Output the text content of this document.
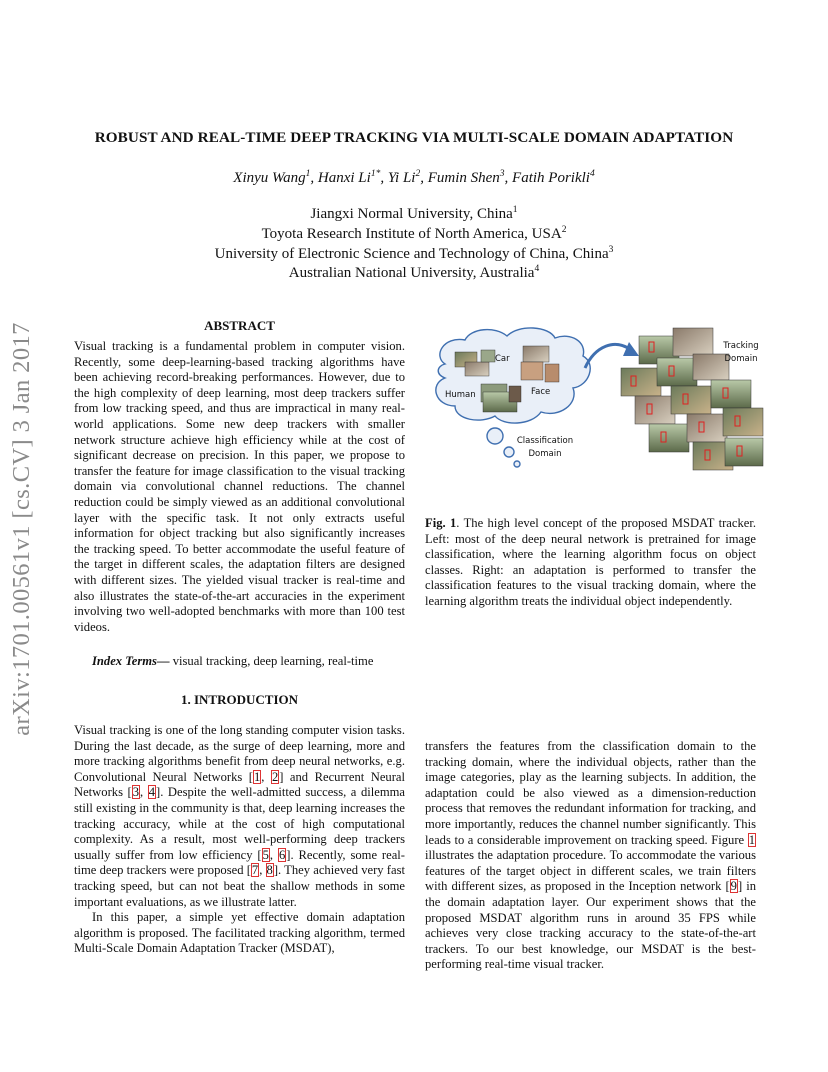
arXiv:1701.00561v1 [cs.CV] 3 Jan 2017
ROBUST AND REAL-TIME DEEP TRACKING VIA MULTI-SCALE DOMAIN ADAPTATION
Xinyu Wang$^1$, Hanxi $Li^{1*}$, Yi Li$^2$, Fumin Shen$^3$, Fatih Porikli$^4$
Jiangxi Normal University, China$^1$
Toyota Research Institute of North America, USA$^2$
University of Electronic Science and Technology of China, China$^3$
Australian National University, Australia$^4$
ABSTRACT

Visual tracking is a fundamental problem in computer vision. Recently, some deep-learning-based tracking algorithms have been achieving record-breaking performances. However, due to the high complexity of deep learning, most deep trackers suffer from low tracking speed, and thus are impractical in many real-world applications. Some new deep trackers with smaller network structure achieve high efficiency while at the cost of significant decrease on precision. In this paper, we propose to transfer the feature for image classification to the visual tracking domain via convolutional channel reductions. The channel reduction could be simply viewed as an additional convolutional layer with the specific task. It not only extracts useful information for object tracking but also significantly increases the tracking speed. To better accommodate the useful feature of the target in different scales, the adaptation filters are designed with different sizes. The yielded visual tracker is real-time and also illustrates the state-of-the-art accuracies in the experiment involving two well-adopted benchmarks with more than 100 test videos.

Index Terms— visual tracking, deep learning, real-time
1. INTRODUCTION

Visual tracking is one of the long standing computer vision tasks. During the last decade, as the surge of deep learning, more and more tracking algorithms benefit from deep neural networks, e.g. Convolutional Neural Networks [1, 2] and Recurrent Neural Networks [3, 4]. Despite the well-admitted success, a dilemma still existing in the community is that, deep learning increases the tracking accuracy, while at the cost of high computational complexity. As a result, most well-performing deep trackers usually suffer from low efficiency [5, 6]. Recently, some real-time deep trackers were proposed [7, 8]. They achieved very fast tracking speed, but can not beat the shallow methods in some important evaluations, as we illustrate latter.

In this paper, a simple yet effective domain adaptation algorithm is proposed. The facilitated tracking algorithm, termed Multi-Scale Domain Adaptation Tracker (MSDAT),

Car
Human	Face
Classification
Domain
Tracking
Domain
Fig. 1. The high level concept of the proposed MSDAT tracker. Left: most of the deep neural network is pretrained for image classification, where the learning algorithm focus on object classes. Right: an adaptation is performed to transfer the classification features to the visual tracking domain, where the learning algorithm treats the individual object independently.

transfers the features from the classification domain to the tracking domain, where the individual objects, rather than the image categories, play as the learning subjects. In addition, the adaptation could be also viewed as a dimension-reduction process that removes the redundant information for tracking, and more importantly, reduces the channel number significantly. This leads to a considerable improvement on tracking speed. Figure 1 illustrates the adaptation procedure. To accommodate the various features of the target object in different scales, we train filters with different sizes, as proposed in the Inception network [9] in the domain adaptation layer. Our experiment shows that the proposed MSDAT algorithm runs in around 35 FPS while achieves very close tracking accuracy to the state-of-the-art trackers. To our best knowledge, our MSDAT is the best-performing real-time visual tracker.
